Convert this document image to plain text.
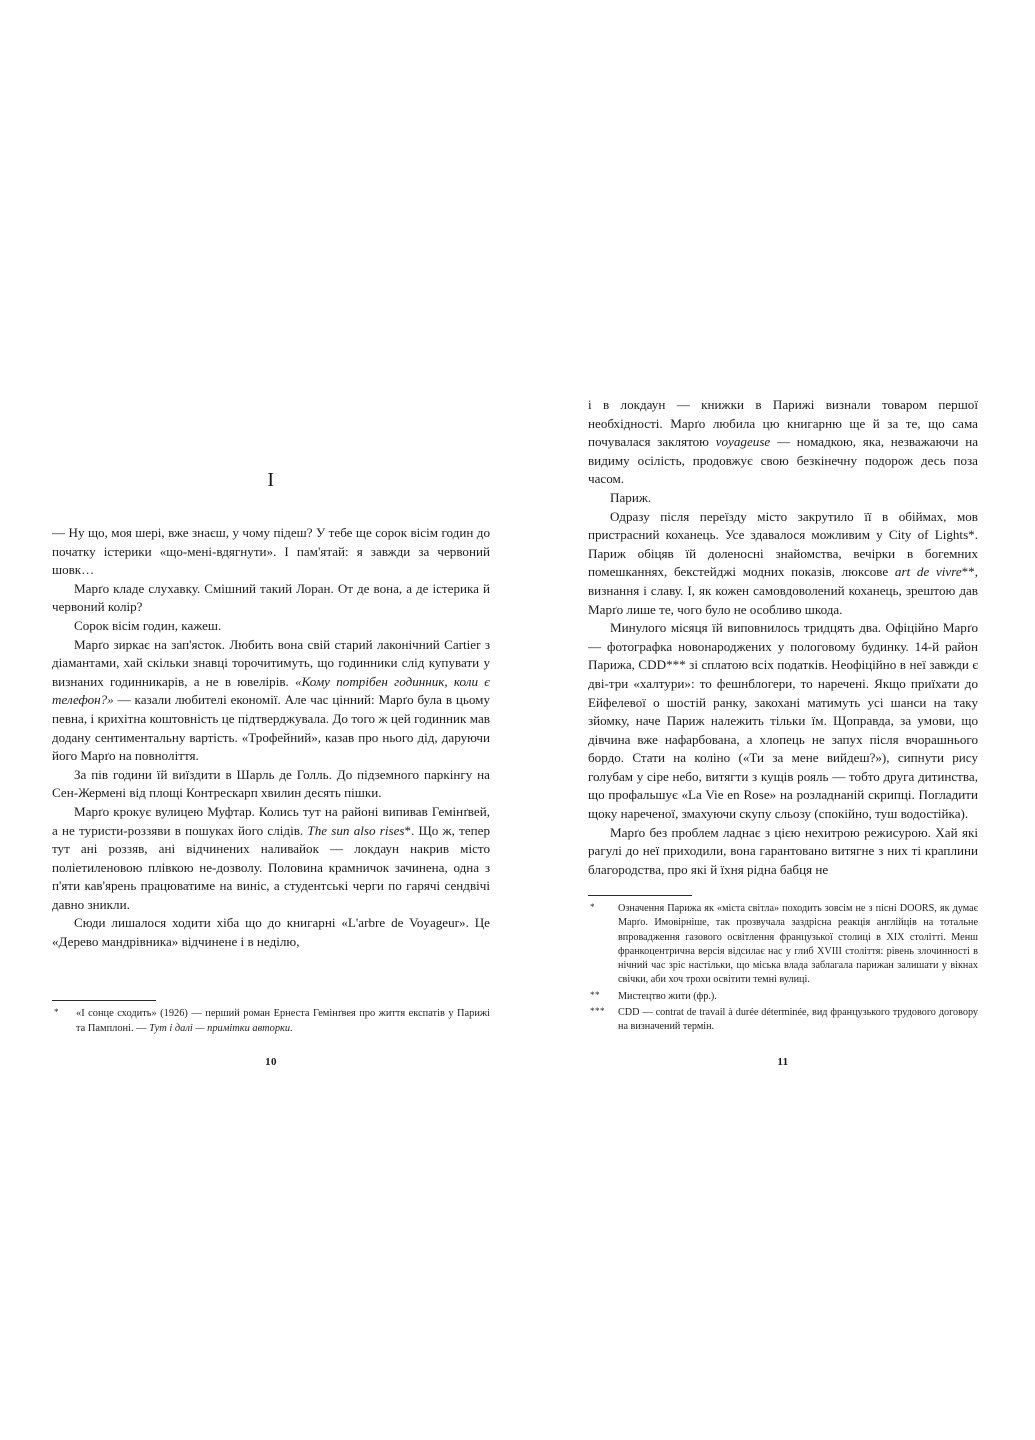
I

— Ну що, моя шері, вже знаєш, у чому підеш? У тебе ще сорок вісім годин до початку істерики «що-мені-вдягнути». І пам'ятай: я завжди за червоний шовк…

Марґо кладе слухавку. Смішний такий Лоран. От де вона, а де істерика й червоний колір?

Сорок вісім годин, кажеш.

Марґо зиркає на зап'ясток. Любить вона свій старий лаконічний Cartier з діамантами, хай скільки знавці торочитимуть, що годинники слід купувати у визнаних годинникарів, а не в ювелірів. «Кому потрібен годинник, коли є телефон?» — казали любителі економії. Але час цінний: Марґо була в цьому певна, і крихітна коштовність це підтверджувала. До того ж цей годинник мав додану сентиментальну вартість. «Трофейний», казав про нього дід, даруючи його Марґо на повноліття.

За пів години їй виїздити в Шарль де Голль. До підземного паркінгу на Сен-Жермені від площі Контрескарп хвилин десять пішки.

Марґо крокує вулицею Муфтар. Колись тут на районі випивав Гемінґвей, а не туристи-роззяви в пошуках його слідів. The sun also rises*. Що ж, тепер тут ані роззяв, ані відчинених наливайок — локдаун накрив місто поліетиленовою плівкою не-дозволу. Половина крамничок зачинена, одна з п'яти кав'ярень працюватиме на виніс, а студентські черги по гарячі сендвічі давно зникли.

Сюди лишалося ходити хіба що до книгарні «L'arbre de Voyageur». Це «Дерево мандрівника» відчинене і в неділю,

*	«І сонце сходить» (1926) — перший роман Ернеста Гемінґвея про життя експатів у Парижі та Памплоні. — Тут і далі — примітки авторки.
10

і в локдаун — книжки в Парижі визнали товаром першої необхідності. Марґо любила цю книгарню ще й за те, що сама почувалася заклятою voyageuse — номадкою, яка, незважаючи на видиму осілість, продовжує свою безкінечну подорож десь поза часом.

Париж.

Одразу після переїзду місто закрутило її в обіймах, мов пристрасний коханець. Усе здавалося можливим у City of Lights*. Париж обіцяв їй доленосні знайомства, вечірки в богемних помешканнях, бекстейджі модних показів, люксове art de vivre**, визнання і славу. І, як кожен самовдоволений коханець, зрештою дав Марґо лише те, чого було не особливо шкода.

Минулого місяця їй виповнилось тридцять два. Офіційно Марґо — фотографка новонароджених у пологовому будинку. 14-й район Парижа, CDD*** зі сплатою всіх податків. Неофіційно в неї завжди є дві-три «халтури»: то фешнблогери, то наречені. Якщо приїхати до Ейфелевої о шостій ранку, закохані матимуть усі шанси на таку зйомку, наче Париж належить тільки їм. Щоправда, за умови, що дівчина вже нафарбована, а хлопець не запух після вчорашнього бордо. Стати на коліно («Ти за мене вийдеш?»), сипнути рису голубам у сіре небо, витягти з кущів рояль — тобто друга дитинства, що профальшує «La Vie en Rose» на розладнаній скрипці. Погладити щоку нареченої, змахуючи скупу сльозу (спокійно, туш водостійка).

Марґо без проблем ладнає з цією нехитрою режисурою. Хай які рагулі до неї приходили, вона гарантовано витягне з них ті краплини благородства, про які й їхня рідна бабця не

*	Означення Парижа як «міста світла» походить зовсім не з пісні DOORS, як думає Марґо. Имовірніше, так прозвучала заздрісна реакція англійців на тотальне впровадження газового освітлення французької столиці в XIX столітті. Менш франкоцентрична версія відсилає нас у глиб XVIII століття: рівень злочинності в нічний час зріс настільки, що міська влада заблагала парижан залишати у вікнах свічки, аби хоч трохи освітити темні вулиці.
**	Мистецтво жити (фр.).
***	CDD — contrat de travail à durée déterminée, вид французького трудового договору на визначений термін.
11
